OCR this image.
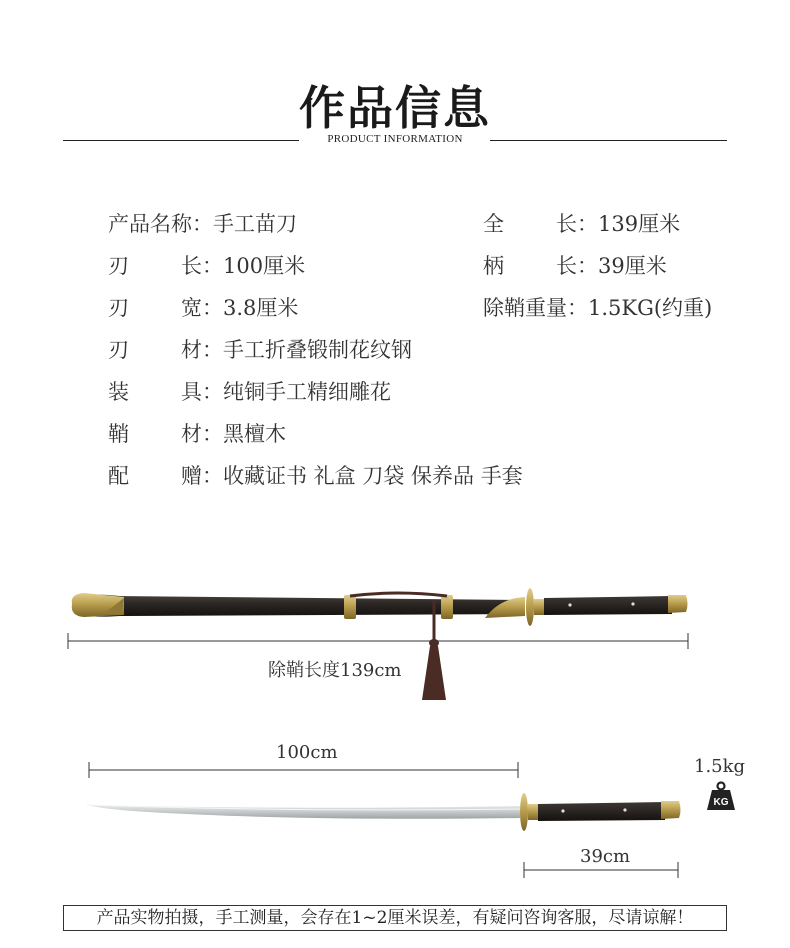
作品信息
PRODUCT INFORMATION
产品名称：手工苗刀	全 长：139厘米
刃 长：100厘米	柄 长：39厘米
刃 宽：3.8厘米	除鞘重量：1.5KG(约重)
刃 材：手工折叠锻制花纹钢
装 具：纯铜手工精细雕花
鞘 材：黑檀木
配 赠：收藏证书 礼盒 刀袋 保养品 手套
除鞘长度139cm
100cm
39cm
1.5kg
KG
产品实物拍摄，手工测量，会存在1~2厘米误差，有疑问咨询客服，尽请谅解！
